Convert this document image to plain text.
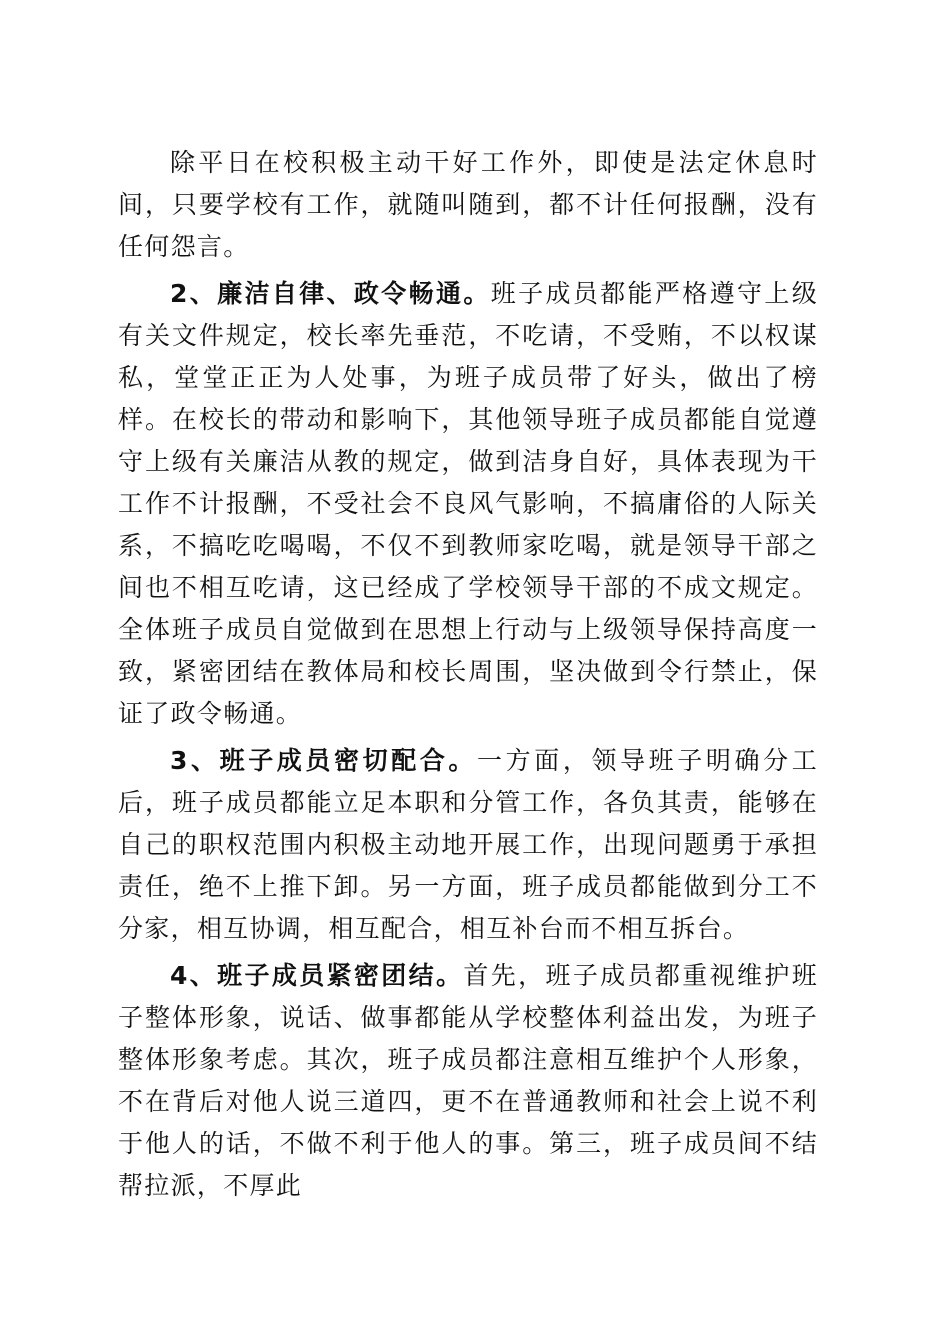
除平日在校积极主动干好工作外，即使是法定休息时间，只要学校有工作，就随叫随到，都不计任何报酬，没有任何怨言。

2、廉洁自律、政令畅通。班子成员都能严格遵守上级有关文件规定，校长率先垂范，不吃请，不受贿，不以权谋私，堂堂正正为人处事，为班子成员带了好头，做出了榜样。在校长的带动和影响下，其他领导班子成员都能自觉遵守上级有关廉洁从教的规定，做到洁身自好，具体表现为干工作不计报酬，不受社会不良风气影响，不搞庸俗的人际关系，不搞吃吃喝喝，不仅不到教师家吃喝，就是领导干部之间也不相互吃请，这已经成了学校领导干部的不成文规定。全体班子成员自觉做到在思想上行动与上级领导保持高度一致，紧密团结在教体局和校长周围，坚决做到令行禁止，保证了政令畅通。

3、班子成员密切配合。一方面，领导班子明确分工后，班子成员都能立足本职和分管工作，各负其责，能够在自己的职权范围内积极主动地开展工作，出现问题勇于承担责任，绝不上推下卸。另一方面，班子成员都能做到分工不分家，相互协调，相互配合，相互补台而不相互拆台。

4、班子成员紧密团结。首先，班子成员都重视维护班子整体形象，说话、做事都能从学校整体利益出发，为班子整体形象考虑。其次，班子成员都注意相互维护个人形象，不在背后对他人说三道四，更不在普通教师和社会上说不利于他人的话，不做不利于他人的事。第三，班子成员间不结帮拉派，不厚此
